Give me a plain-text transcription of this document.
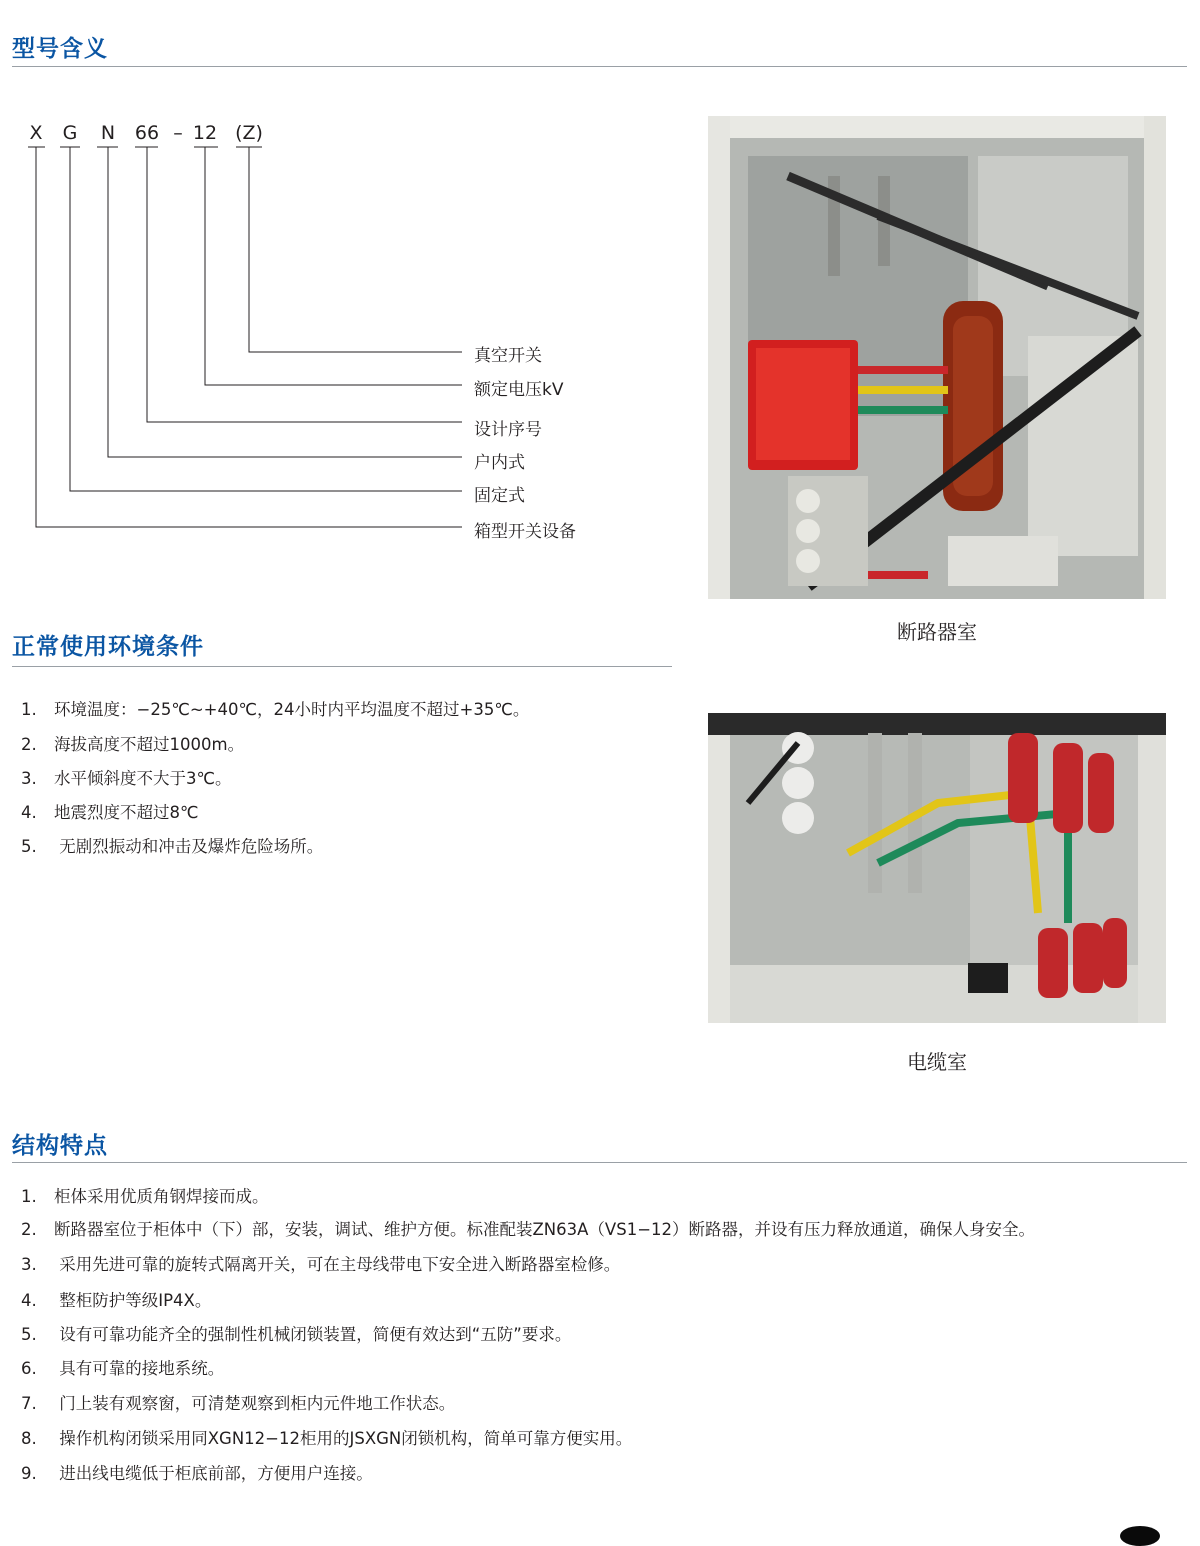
型号含义
X	G	N	66 – 12 (Z)
真空开关
额定电压kV
设计序号
户内式
固定式
箱型开关设备
断路器室
正常使用环境条件
1. 环境温度：−25℃~+40℃，24小时内平均温度不超过+35℃。
2. 海拔高度不超过1000m。
3. 水平倾斜度不大于3℃。
4. 地震烈度不超过8℃
5. 无剧烈振动和冲击及爆炸危险场所。
电缆室
结构特点
1. 柜体采用优质角钢焊接而成。
2. 断路器室位于柜体中（下）部，安装，调试、维护方便。标准配装ZN63A（VS1−12）断路器，并设有压力释放通道，确保人身安全。
3. 采用先进可靠的旋转式隔离开关，可在主母线带电下安全进入断路器室检修。
4. 整柜防护等级IP4X。
5. 设有可靠功能齐全的强制性机械闭锁装置，简便有效达到“五防”要求。
6. 具有可靠的接地系统。
7. 门上装有观察窗，可清楚观察到柜内元件地工作状态。
8. 操作机构闭锁采用同XGN12−12柜用的JSXGN闭锁机构，简单可靠方便实用。
9. 进出线电缆低于柜底前部，方便用户连接。
